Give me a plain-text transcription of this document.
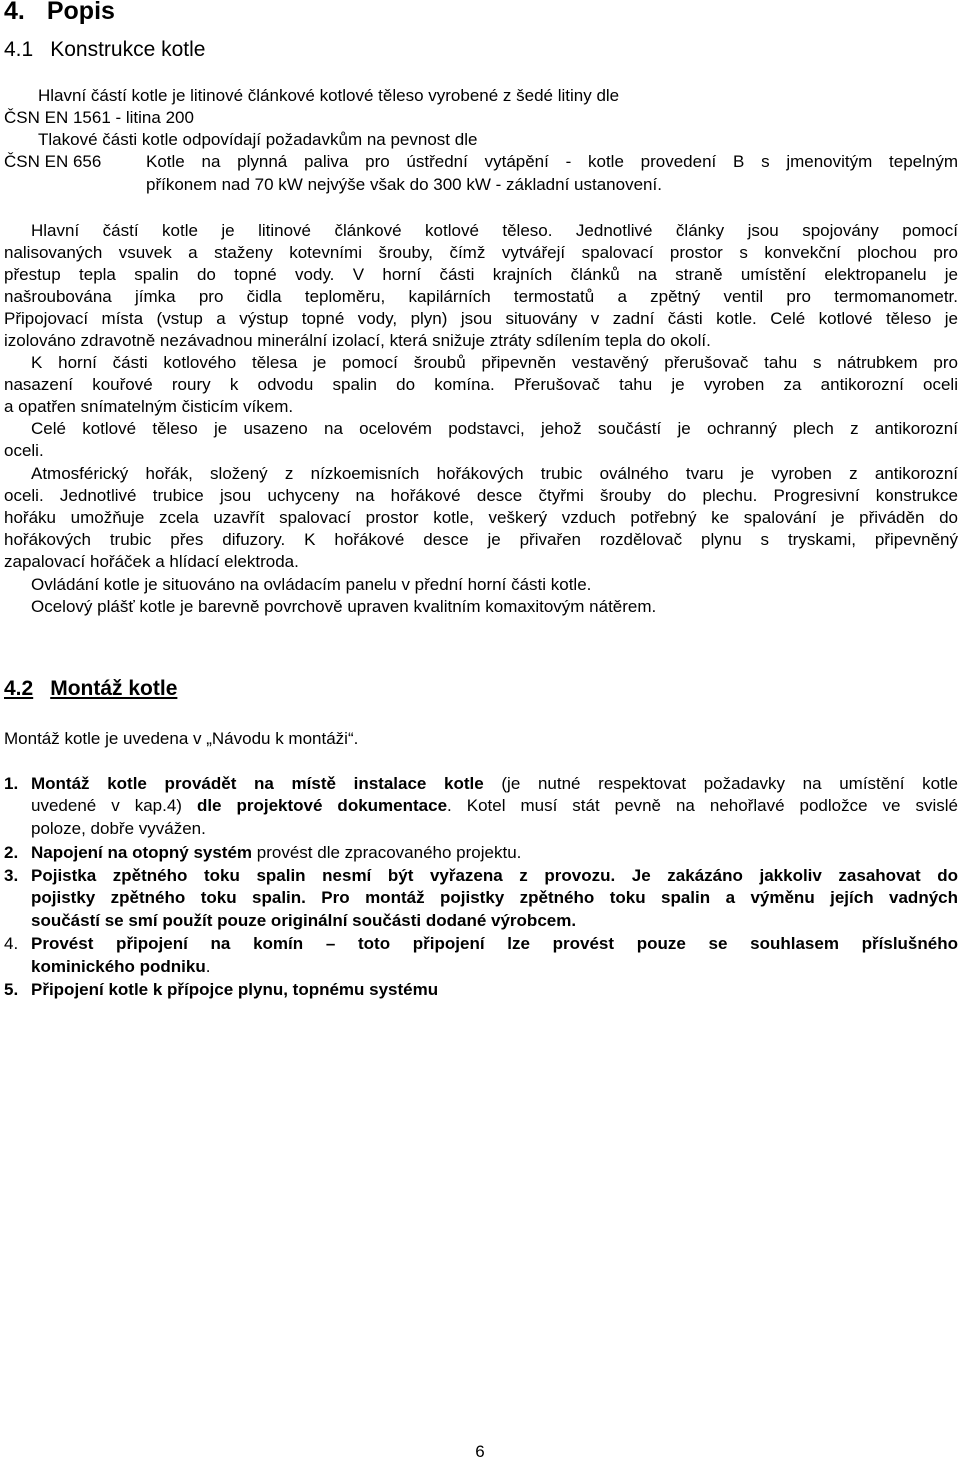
4. Popis
4.1 Konstrukce kotle
Hlavní částí kotle je litinové článkové kotlové těleso vyrobené z šedé litiny dle
ČSN EN 1561 - litina 200
Tlakové části kotle odpovídají požadavkům na pevnost dle
ČSN EN 656	Kotle na plynná paliva pro ústřední vytápění - kotle provedení B s jmenovitým tepelným
příkonem nad 70 kW nejvýše však do 300 kW - základní ustanovení.
Hlavní částí kotle je litinové článkové kotlové těleso. Jednotlivé články jsou spojovány pomocí
nalisovaných vsuvek a staženy kotevními šrouby, čímž vytvářejí spalovací prostor s konvekční plochou pro
přestup tepla spalin do topné vody. V horní části krajních článků na straně umístění elektropanelu je
našroubována jímka pro čidla teploměru, kapilárních termostatů a zpětný ventil pro termomanometr.
Připojovací místa (vstup a výstup topné vody, plyn) jsou situovány v zadní části kotle. Celé kotlové těleso je
izolováno zdravotně nezávadnou minerální izolací, která snižuje ztráty sdílením tepla do okolí.
K horní části kotlového tělesa je pomocí šroubů připevněn vestavěný přerušovač tahu s nátrubkem pro
nasazení kouřové roury k odvodu spalin do komína. Přerušovač tahu je vyroben za antikorozní oceli
a opatřen snímatelným čisticím víkem.
Celé kotlové těleso je usazeno na ocelovém podstavci, jehož součástí je ochranný plech z antikorozní
oceli.
Atmosférický hořák, složený z nízkoemisních hořákových trubic oválného tvaru je vyroben z antikorozní
oceli. Jednotlivé trubice jsou uchyceny na hořákové desce čtyřmi šrouby do plechu. Progresivní konstrukce
hořáku umožňuje zcela uzavřít spalovací prostor kotle, veškerý vzduch potřebný ke spalování je přiváděn do
hořákových trubic přes difuzory. K hořákové desce je přivařen rozdělovač plynu s tryskami, připevněný
zapalovací hořáček a hlídací elektroda.
Ovládání kotle je situováno na ovládacím panelu v přední horní části kotle.
Ocelový plášť kotle je barevně povrchově upraven kvalitním komaxitovým nátěrem.
4.2 Montáž kotle
Montáž kotle je uvedena v „Návodu k montáži“.
1. Montáž kotle provádět na místě instalace kotle (je nutné respektovat požadavky na umístění kotle
uvedené v kap.4) dle projektové dokumentace. Kotel musí stát pevně na nehořlavé podložce ve svislé
poloze, dobře vyvážen.
2. Napojení na otopný systém provést dle zpracovaného projektu.
3. Pojistka zpětného toku spalin nesmí být vyřazena z provozu. Je zakázáno jakkoliv zasahovat do
pojistky zpětného toku spalin. Pro montáž pojistky zpětného toku spalin a výměnu jejích vadných
součástí se smí použít pouze originální součásti dodané výrobcem.
4. Provést připojení na komín – toto připojení lze provést pouze se souhlasem příslušného
kominického podniku.
5. Připojení kotle k přípojce plynu, topnému systému
6
